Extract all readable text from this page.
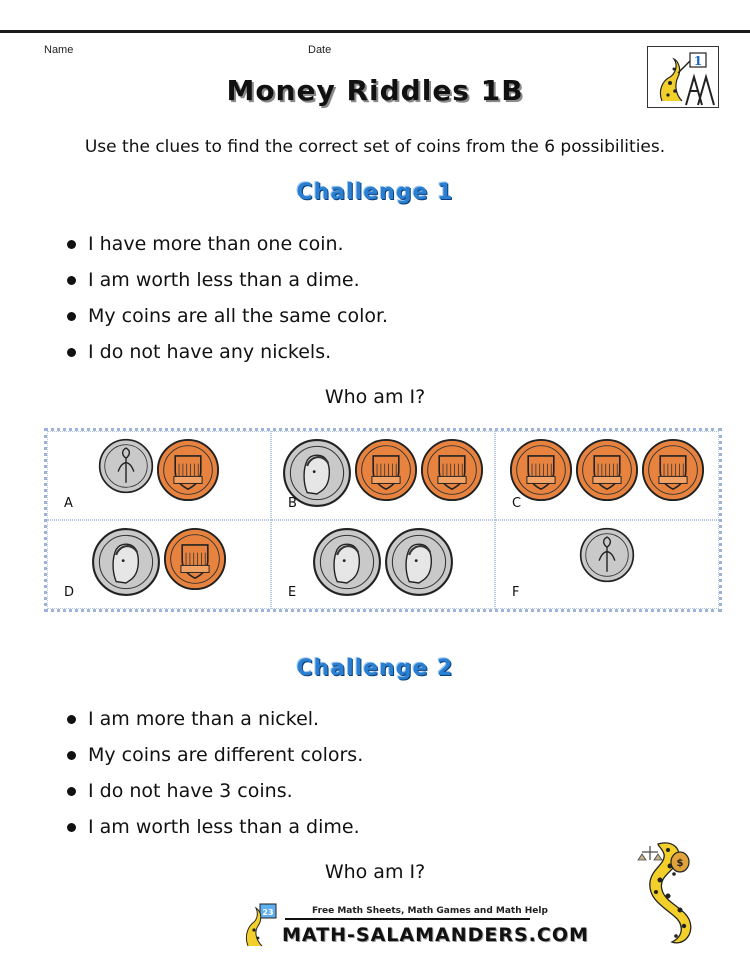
Name	Date
1
Money Riddles 1B
Use the clues to find the correct set of coins from the 6 possibilities.
Challenge 1
I have more than one coin.
I am worth less than a dime.
My coins are all the same color.
I do not have any nickels.
Who am I?
A	B	C
D	E	F
Challenge 2
I am more than a nickel.
My coins are different colors.
I do not have 3 coins.
I am worth less than a dime.
Who am I?	$
23	Free Math Sheets, Math Games and Math Help
MATH-SALAMANDERS.COM
